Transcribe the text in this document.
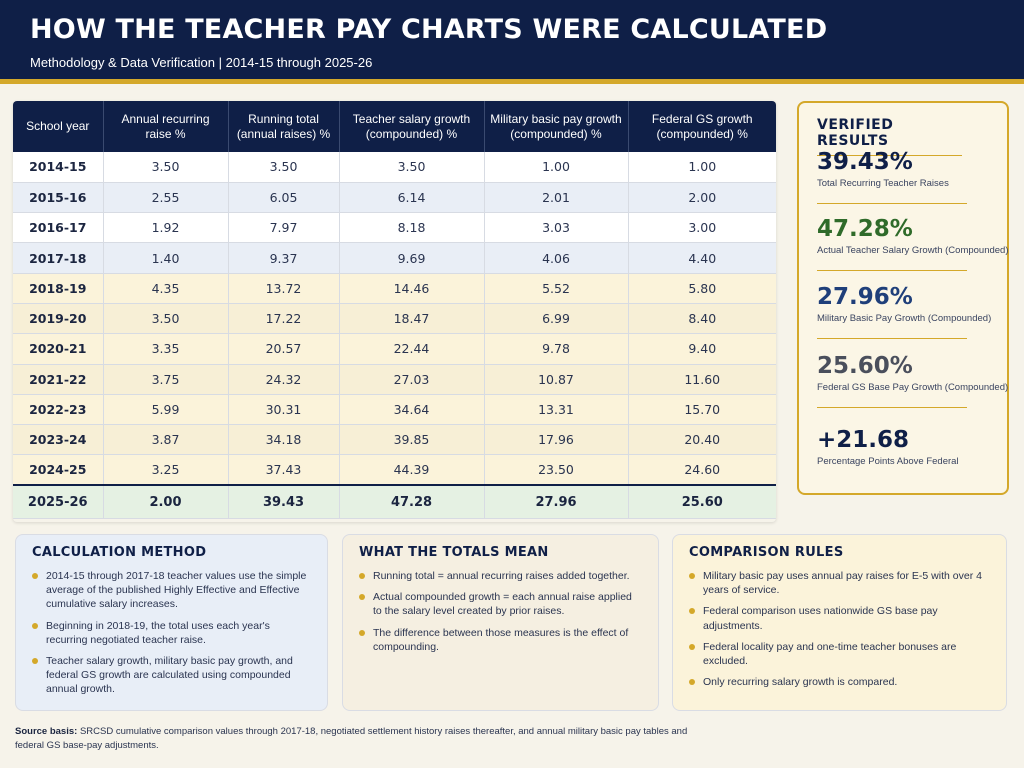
HOW THE TEACHER PAY CHARTS WERE CALCULATED
Methodology & Data Verification | 2014-15 through 2025-26
School year	Annual recurring raise %	Running total (annual raises) %	Teacher salary growth (compounded) %	Military basic pay growth (compounded) %	Federal GS growth (compounded) %
2014-15	3.50	3.50	3.50	1.00	1.00
2015-16	2.55	6.05	6.14	2.01	2.00
2016-17	1.92	7.97	8.18	3.03	3.00
2017-18	1.40	9.37	9.69	4.06	4.40
2018-19	4.35	13.72	14.46	5.52	5.80
2019-20	3.50	17.22	18.47	6.99	8.40
2020-21	3.35	20.57	22.44	9.78	9.40
2021-22	3.75	24.32	27.03	10.87	11.60
2022-23	5.99	30.31	34.64	13.31	15.70
2023-24	3.87	34.18	39.85	17.96	20.40
2024-25	3.25	37.43	44.39	23.50	24.60
2025-26	2.00	39.43	47.28	27.96	25.60
VERIFIED RESULTS
39.43%
Total Recurring Teacher Raises
47.28%
Actual Teacher Salary Growth (Compounded)
27.96%
Military Basic Pay Growth (Compounded)
25.60%
Federal GS Base Pay Growth (Compounded)
+21.68
Percentage Points Above Federal
CALCULATION METHOD
2014-15 through 2017-18 teacher values use the simple average of the published Highly Effective and Effective cumulative salary increases.
Beginning in 2018-19, the total uses each year's recurring negotiated teacher raise.
Teacher salary growth, military basic pay growth, and federal GS growth are calculated using compounded annual growth.
WHAT THE TOTALS MEAN
Running total = annual recurring raises added together.
Actual compounded growth = each annual raise applied to the salary level created by prior raises.
The difference between those measures is the effect of compounding.
COMPARISON RULES
Military basic pay uses annual pay raises for E-5 with over 4 years of service.
Federal comparison uses nationwide GS base pay adjustments.
Federal locality pay and one-time teacher bonuses are excluded.
Only recurring salary growth is compared.
Source basis: SRCSD cumulative comparison values through 2017-18, negotiated settlement history raises thereafter, and annual military basic pay tables and federal GS base-pay adjustments.
